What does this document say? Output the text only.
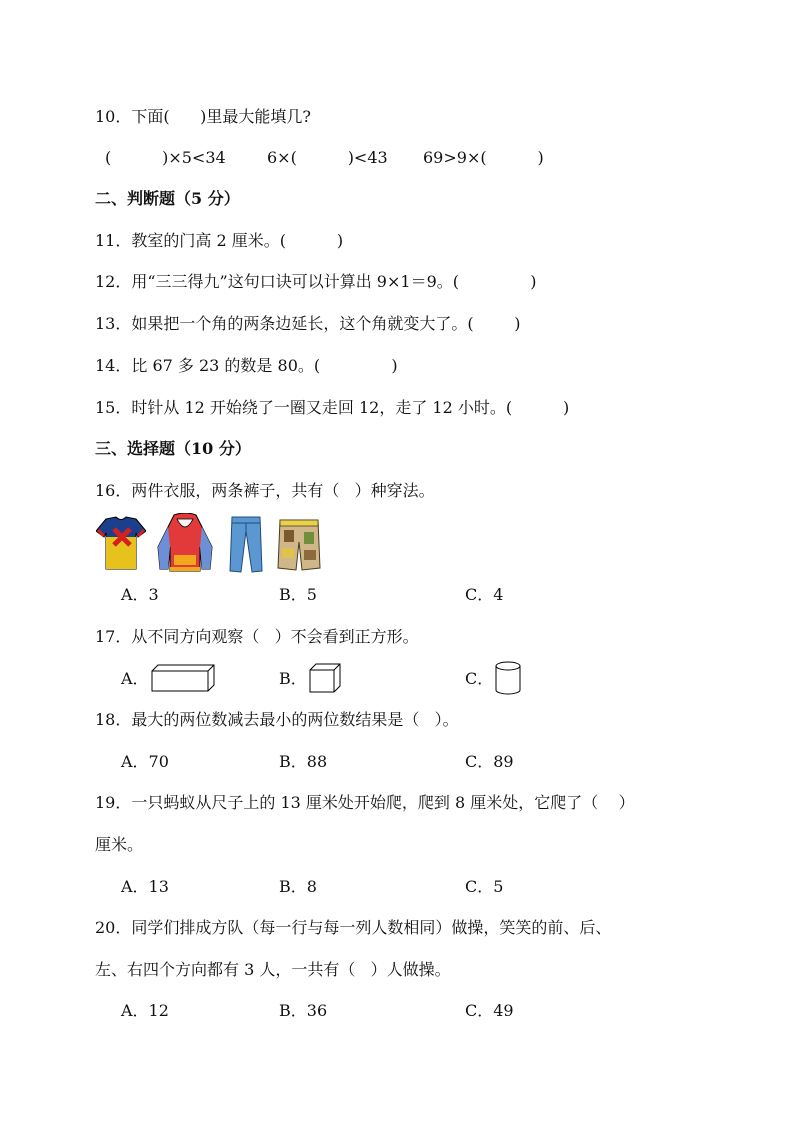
10．下面(      )里最大能填几?
(          )×5<34	6×(          )<43 69>9×(          )
二、判断题（5 分）
11．教室的门高 2 厘米。(          )
12．用“三三得九”这句口诀可以计算出 9×1＝9。(              )
13．如果把一个角的两条边延长，这个角就变大了。(        )
14．比 67 多 23 的数是 80。(              )
15．时针从 12 开始绕了一圈又走回 12，走了 12 小时。(          )
三、选择题（10 分）
16．两件衣服，两条裤子，共有（   ）种穿法。
A．3	B．5	C．4
17．从不同方向观察（   ）不会看到正方形。
A．	B．	C．
18．最大的两位数减去最小的两位数结果是（   ）。
A．70	B．88	C．89
19．一只蚂蚁从尺子上的 13 厘米处开始爬，爬到 8 厘米处，它爬了（    ）
厘米。
A．13	B．8	C．5
20．同学们排成方队（每一行与每一列人数相同）做操，笑笑的前、后、
左、右四个方向都有 3 人，一共有（   ）人做操。
A．12	B．36	C．49
